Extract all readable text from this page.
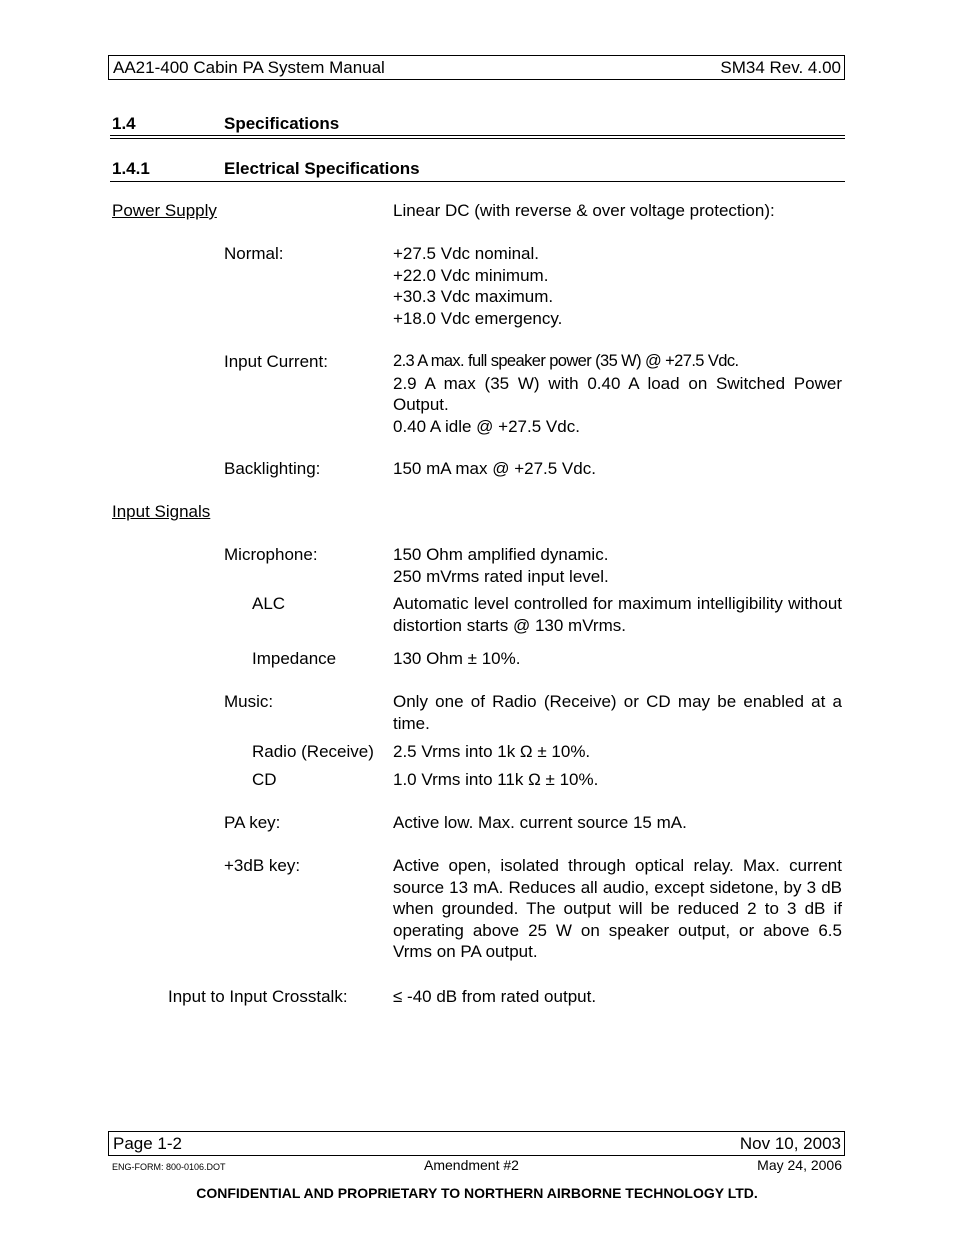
AA21-400 Cabin PA System Manual	SM34 Rev. 4.00
1.4	Specifications
1.4.1	Electrical Specifications
Power Supply	Linear DC (with reverse & over voltage protection):
Normal:	+27.5 Vdc nominal.
+22.0 Vdc minimum.
+30.3 Vdc maximum.
+18.0 Vdc emergency.
Input Current:	2.3 A max. full speaker power (35 W) @ +27.5 Vdc.
2.9 A max (35 W) with 0.40 A load on Switched Power Output.
0.40 A idle @ +27.5 Vdc.
Backlighting:	150 mA max @ +27.5 Vdc.
Input Signals
Microphone:	150 Ohm amplified dynamic.
250 mVrms rated input level.
ALC	Automatic level controlled for maximum intelligibility without distortion starts @ 130 mVrms.
Impedance	130 Ohm ± 10%.
Music:	Only one of Radio (Receive) or CD may be enabled at a time.
Radio (Receive) 2.5 Vrms into 1k Ω ± 10%.
CD	1.0 Vrms into 11k Ω ± 10%.
PA key:	Active low. Max. current source 15 mA.
+3dB key:	Active open, isolated through optical relay. Max. current source 13 mA. Reduces all audio, except sidetone, by 3 dB when grounded. The output will be reduced 2 to 3 dB if operating above 25 W on speaker output, or above 6.5 Vrms on PA output.
Input to Input Crosstalk:	≤ -40 dB from rated output.
Page 1-2	Nov 10, 2003
ENG-FORM: 800-0106.DOT	Amendment #2	May 24, 2006
CONFIDENTIAL AND PROPRIETARY TO NORTHERN AIRBORNE TECHNOLOGY LTD.
